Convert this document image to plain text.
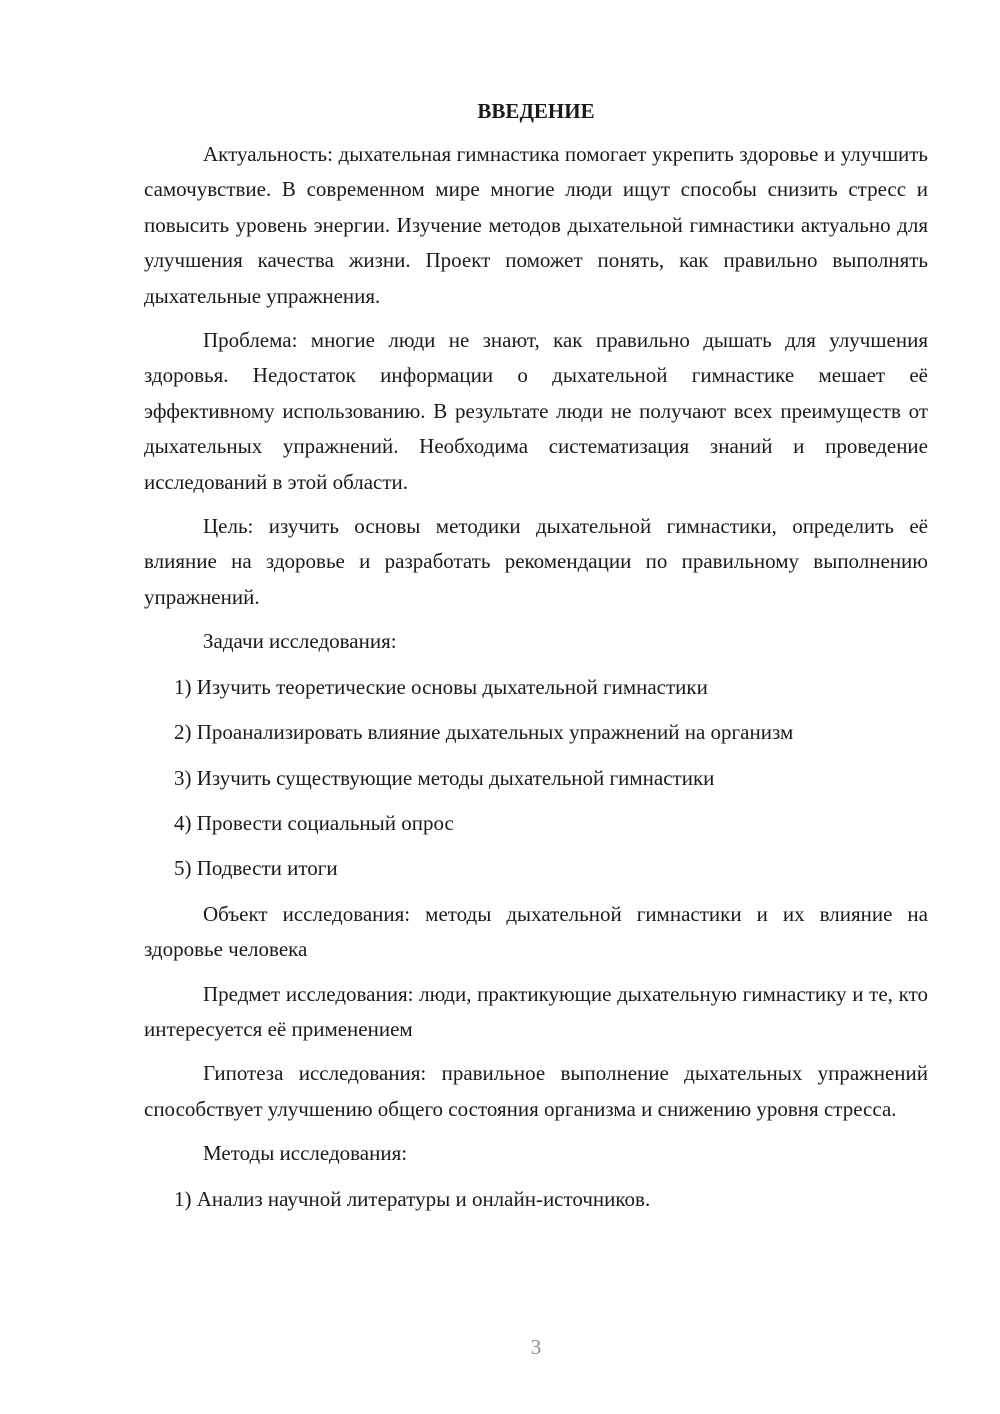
ВВЕДЕНИЕ

Актуальность: дыхательная гимнастика помогает укрепить здоровье и улучшить самочувствие. В современном мире многие люди ищут способы снизить стресс и повысить уровень энергии. Изучение методов дыхательной гимнастики актуально для улучшения качества жизни. Проект поможет понять, как правильно выполнять дыхательные упражнения.

Проблема: многие люди не знают, как правильно дышать для улучшения здоровья. Недостаток информации о дыхательной гимнастике мешает её эффективному использованию. В результате люди не получают всех преимуществ от дыхательных упражнений. Необходима систематизация знаний и проведение исследований в этой области.

Цель: изучить основы методики дыхательной гимнастики, определить её влияние на здоровье и разработать рекомендации по правильному выполнению упражнений.

Задачи исследования:
1) Изучить теоретические основы дыхательной гимнастики
2) Проанализировать влияние дыхательных упражнений на организм
3) Изучить существующие методы дыхательной гимнастики
4) Провести социальный опрос
5) Подвести итоги

Объект исследования: методы дыхательной гимнастики и их влияние на здоровье человека

Предмет исследования: люди, практикующие дыхательную гимнастику и те, кто интересуется её применением

Гипотеза исследования: правильное выполнение дыхательных упражнений способствует улучшению общего состояния организма и снижению уровня стресса.

Методы исследования:
1) Анализ научной литературы и онлайн-источников.
3
